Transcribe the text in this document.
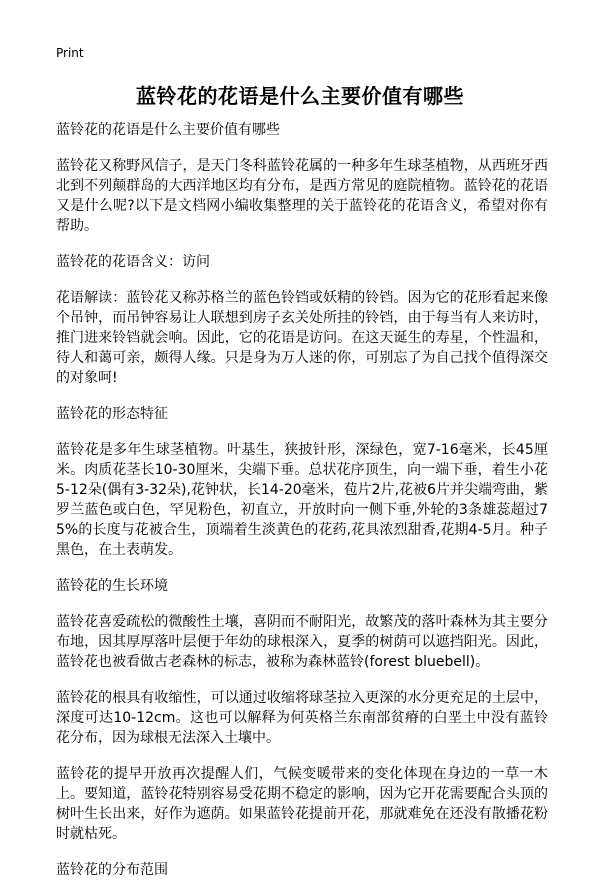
Print
蓝铃花的花语是什么主要价值有哪些
蓝铃花的花语是什么主要价值有哪些

蓝铃花又称野风信子，是天门冬科蓝铃花属的一种多年生球茎植物，从西班牙西北到不列颠群岛的大西洋地区均有分布，是西方常见的庭院植物。蓝铃花的花语又是什么呢?以下是文档网小编收集整理的关于蓝铃花的花语含义，希望对你有帮助。

蓝铃花的花语含义：访问

花语解读：蓝铃花又称苏格兰的蓝色铃铛或妖精的铃铛。因为它的花形看起来像个吊钟，而吊钟容易让人联想到房子玄关处所挂的铃铛，由于每当有人来访时，推门进来铃铛就会响。因此，它的花语是访问。在这天诞生的寿星，个性温和，待人和蔼可亲，颇得人缘。只是身为万人迷的你，可别忘了为自己找个值得深交的对象呵!

蓝铃花的形态特征

蓝铃花是多年生球茎植物。叶基生，狭披针形，深绿色，宽7-16毫米，长45厘米。肉质花茎长10-30厘米，尖端下垂。总状花序顶生，向一端下垂，着生小花5-12朵(偶有3-32朵),花钟状，长14-20毫米，苞片2片,花被6片并尖端弯曲，紫罗兰蓝色或白色，罕见粉色，初直立，开放时向一侧下垂,外轮的3条雄蕊超过75%的长度与花被合生，顶端着生淡黄色的花药,花具浓烈甜香,花期4-5月。种子黑色，在土表萌发。

蓝铃花的生长环境

蓝铃花喜爱疏松的微酸性土壤，喜阴而不耐阳光，故繁茂的落叶森林为其主要分布地，因其厚厚落叶层便于年幼的球根深入，夏季的树荫可以遮挡阳光。因此，蓝铃花也被看做古老森林的标志，被称为森林蓝铃(forest bluebell)。

蓝铃花的根具有收缩性，可以通过收缩将球茎拉入更深的水分更充足的土层中，深度可达10-12cm。这也可以解释为何英格兰东南部贫瘠的白垩土中没有蓝铃花分布，因为球根无法深入土壤中。

蓝铃花的提早开放再次提醒人们，气候变暖带来的变化体现在身边的一草一木上。要知道，蓝铃花特别容易受花期不稳定的影响，因为它开花需要配合头顶的树叶生长出来，好作为遮荫。如果蓝铃花提前开花，那就难免在还没有散播花粉时就枯死。

蓝铃花的分布范围
